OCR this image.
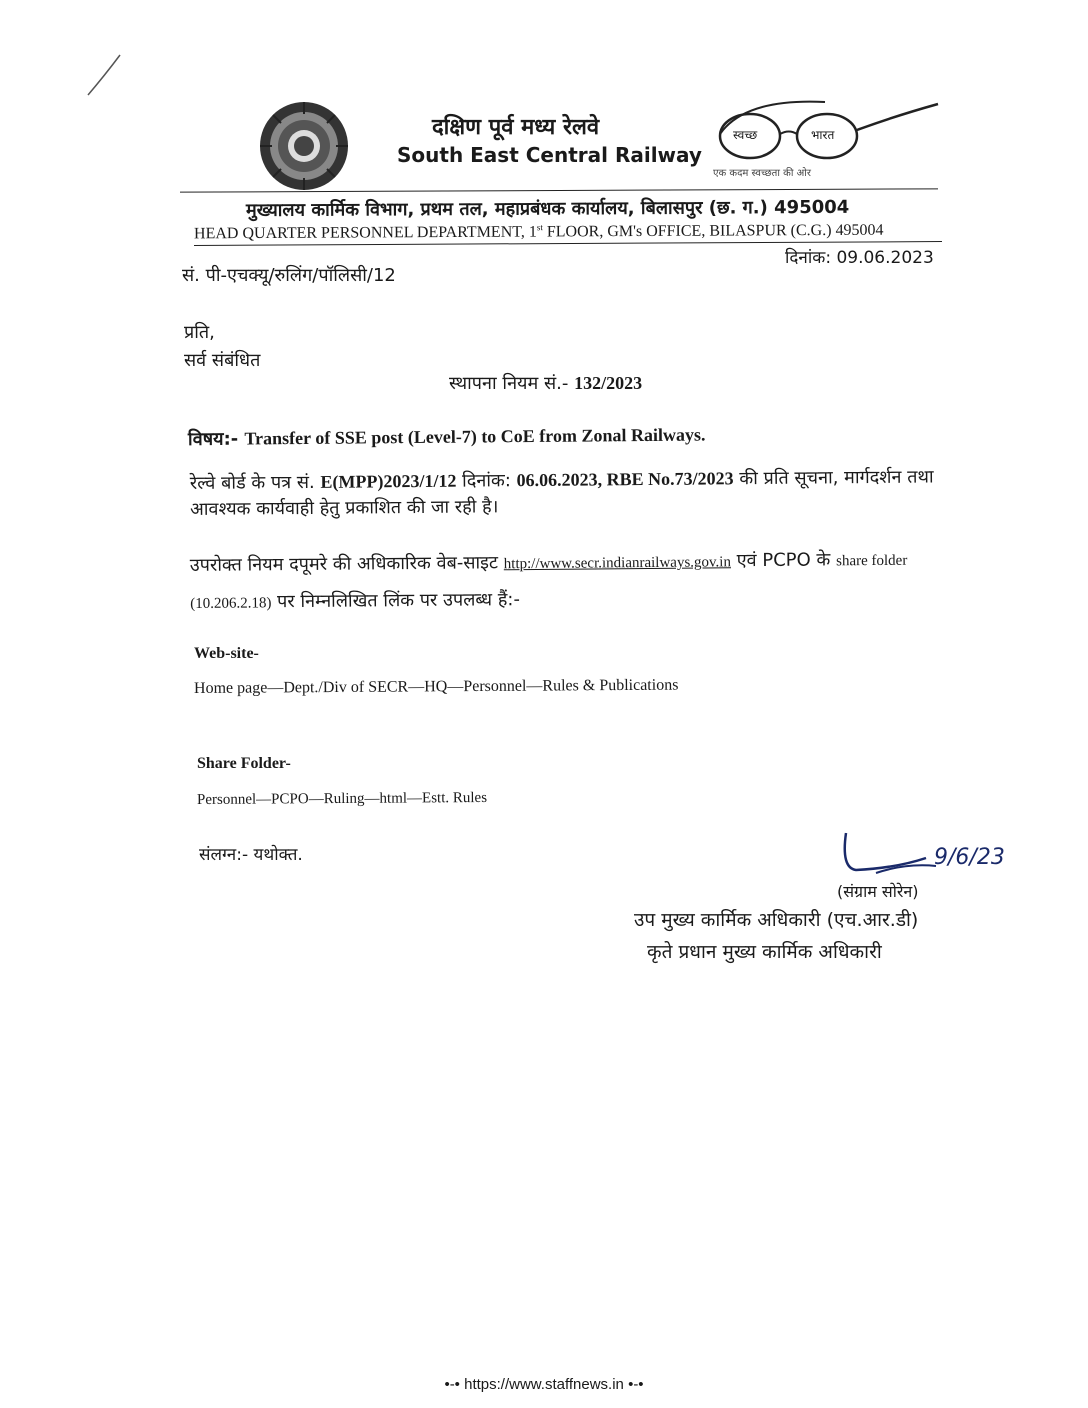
दक्षिण पूर्व मध्य रेलवे
South East Central Railway
स्वच्छ	भारत
एक कदम स्वच्छता की ओर
मुख्यालय कार्मिक विभाग, प्रथम तल, महाप्रबंधक कार्यालय, बिलासपुर (छ. ग.) 495004
HEAD QUARTER PERSONNEL DEPARTMENT, 1st FLOOR, GM's OFFICE, BILASPUR (C.G.) 495004
सं. पी-एचक्यू/रुलिंग/पॉलिसी/12
दिनांक: 09.06.2023
प्रति,
सर्व संबंधित
स्थापना नियम सं.- 132/2023
विषय:- Transfer of SSE post (Level-7) to CoE from Zonal Railways.
रेल्वे बोर्ड के पत्र सं. E(MPP)2023/1/12 दिनांक: 06.06.2023, RBE No.73/2023 की प्रति सूचना, मार्गदर्शन तथा आवश्यक कार्यवाही हेतु प्रकाशित की जा रही है।
उपरोक्त नियम दपूमरे की अधिकारिक वेब-साइट http://www.secr.indianrailways.gov.in एवं PCPO के share folder (10.206.2.18) पर निम्नलिखित लिंक पर उपलब्ध हैं:-
Web-site-
Home page—Dept./Div of SECR—HQ—Personnel—Rules & Publications
Share Folder-
Personnel—PCPO—Ruling—html—Estt. Rules
संलग्न:- यथोक्त.	9/6/23
(संग्राम सोरेन)
उप मुख्य कार्मिक अधिकारी (एच.आर.डी)
कृते प्रधान मुख्य कार्मिक अधिकारी
•-• https://www.staffnews.in •-•
